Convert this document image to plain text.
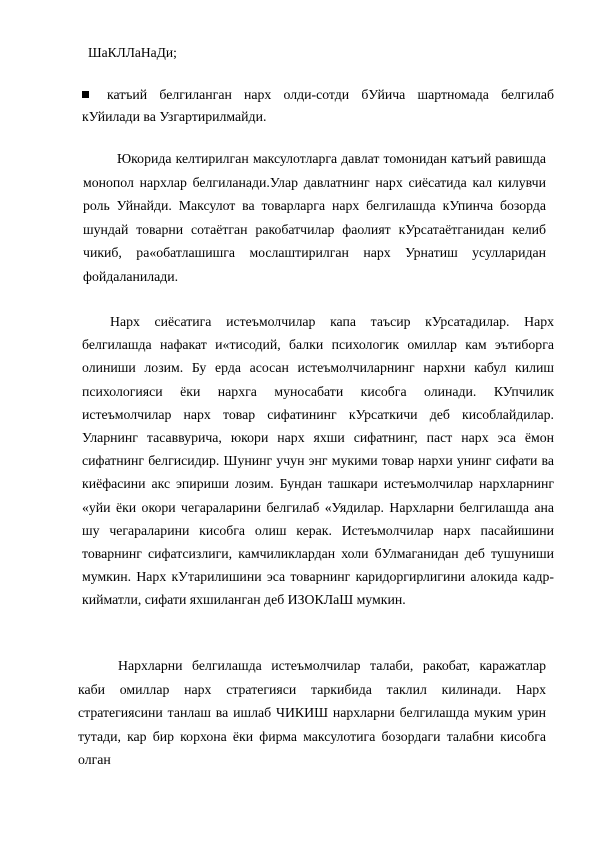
ШаКЛЛаНаДи;
катъий белгиланган нарх олди-сотди бУйича шартномада белгилаб кУйилади ва Узгартирилмайди.

Юкорида келтирилган максулотларга давлат томонидан катъий равишда монопол нархлар белгиланади.Улар давлатнинг нарх сиёсатида кал килувчи роль Уйнайди. Максулот ва товарларга нарх белгилашда кУпинча бозорда шундай товарни сотаётган ракобатчилар фаолият кУрсатаётганидан келиб чикиб, ра«обатлашишга мослаштирилган нарх Урнатиш усулларидан фойдаланилади.

Нарх сиёсатига истеъмолчилар капа таъсир кУрсатадилар. Нарх белгилашда нафакат и«тисодий, балки психологик омиллар кам эътиборга олиниши лозим. Бу ерда асосан истеъмолчиларнинг нархни кабул килиш психологияси ёки нархга муносабати кисобга олинади. КУпчилик истеъмолчилар нарх товар сифатининг кУрсаткичи деб кисоблайдилар. Уларнинг тасаввурича, юкори нарх яхши сифатнинг, паст нарх эса ёмон сифатнинг белгисидир. Шунинг учун энг мукими товар нархи унинг сифати ва киёфасини акс эпириши лозим. Бундан ташкари истеъмолчилар нархларнинг «уйи ёки окори чегараларини белгилаб «Уядилар. Нархларни белгилашда ана шу чегараларини кисобга олиш керак. Истеъмолчилар нарх пасайишини товарнинг сифатсизлиги, камчиликлардан холи бУлмаганидан деб тушуниши мумкин. Нарх кУтарилишини эса товарнинг каридоргирлигини алокида кадр-кийматли, сифати яхшиланган деб ИЗОКЛаШ мумкин.

Нархларни белгилашда истеъмолчилар талаби, ракобат, каражатлар каби омиллар нарх стратегияси таркибида таклил килинади. Нарх стратегиясини танлаш ва ишлаб ЧИКИШ нархларни белгилашда муким урин тутади, кар бир корхона ёки фирма максулотига бозордаги талабни кисобга олган
